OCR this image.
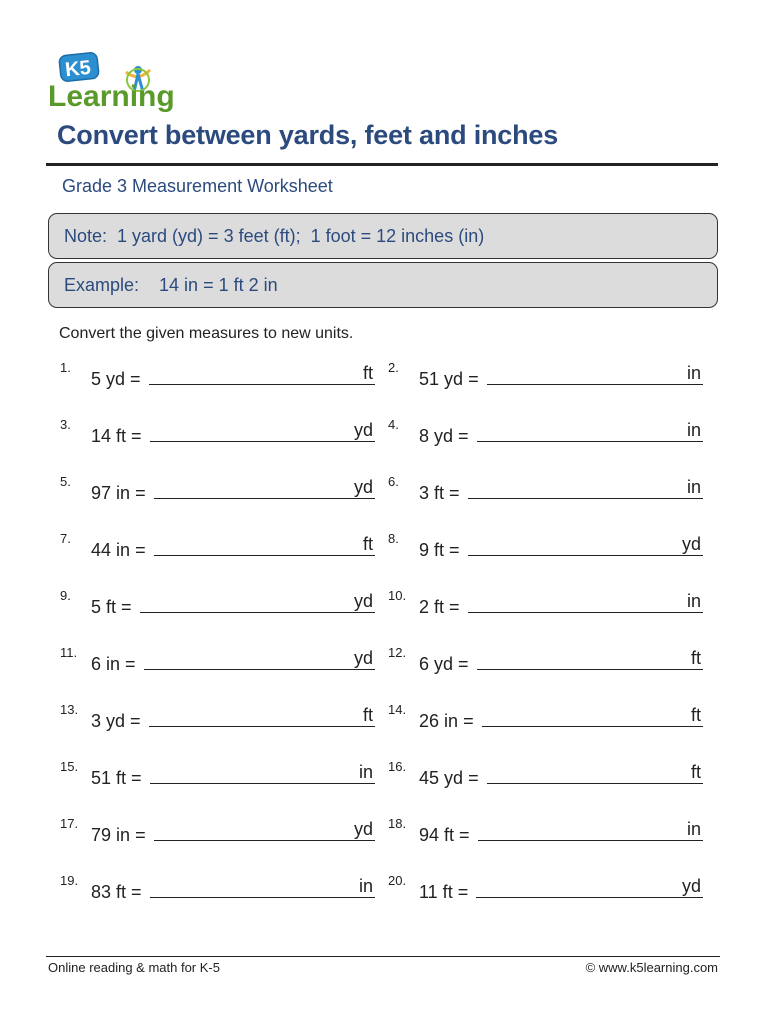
K5
Learning
Convert between yards, feet and inches
Grade 3 Measurement Worksheet
Note:  1 yard (yd) = 3 feet (ft);  1 foot = 12 inches (in)
Example:    14 in = 1 ft 2 in
Convert the given measures to new units.
1.
5 yd =	ft 2.
51 yd =	in
3.
14 ft =	yd 4.
8 yd =	in
5.
97 in =	yd 6.
3 ft =	in
7.
44 in =	ft 8.
9 ft =	yd
9.
5 ft =	yd 10.
2 ft =	in
11.
6 in =	yd 12.
6 yd =	ft
13.
3 yd =	ft 14.
26 in =	ft
15.
51 ft =	in 16.
45 yd =	ft
17.
79 in =	yd 18.
94 ft =	in
19.
83 ft =	in 20.
11 ft =	yd
Online reading & math for K-5	© www.k5learning.com
